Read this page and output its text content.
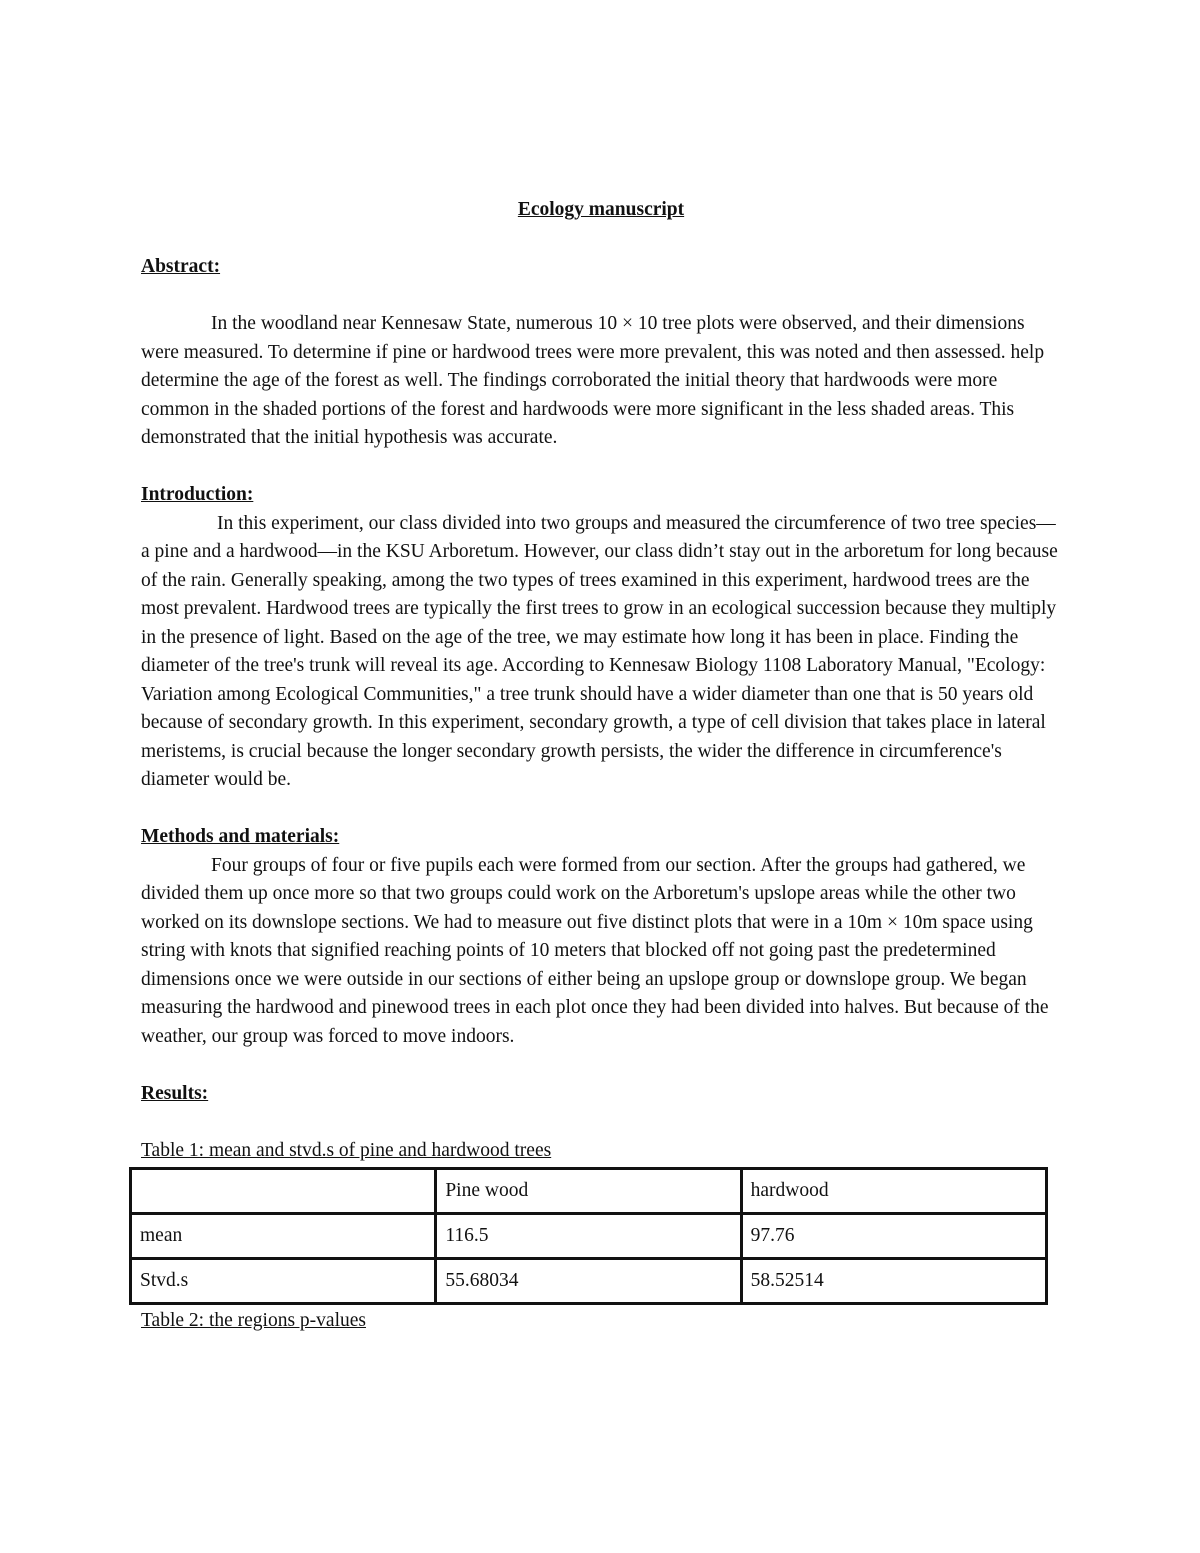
Ecology manuscript

Abstract:

In the woodland near Kennesaw State, numerous 10 × 10 tree plots were observed, and their dimensions were measured. To determine if pine or hardwood trees were more prevalent, this was noted and then assessed. help determine the age of the forest as well. The findings corroborated the initial theory that hardwoods were more common in the shaded portions of the forest and hardwoods were more significant in the less shaded areas. This demonstrated that the initial hypothesis was accurate.

Introduction:

In this experiment, our class divided into two groups and measured the circumference of two tree species—a pine and a hardwood—in the KSU Arboretum. However, our class didn’t stay out in the arboretum for long because of the rain. Generally speaking, among the two types of trees examined in this experiment, hardwood trees are the most prevalent. Hardwood trees are typically the first trees to grow in an ecological succession because they multiply in the presence of light. Based on the age of the tree, we may estimate how long it has been in place. Finding the diameter of the tree's trunk will reveal its age. According to Kennesaw Biology 1108 Laboratory Manual, "Ecology: Variation among Ecological Communities," a tree trunk should have a wider diameter than one that is 50 years old because of secondary growth. In this experiment, secondary growth, a type of cell division that takes place in lateral meristems, is crucial because the longer secondary growth persists, the wider the difference in circumference's diameter would be.

Methods and materials:

Four groups of four or five pupils each were formed from our section. After the groups had gathered, we divided them up once more so that two groups could work on the Arboretum's upslope areas while the other two worked on its downslope sections. We had to measure out five distinct plots that were in a 10m × 10m space using string with knots that signified reaching points of 10 meters that blocked off not going past the predetermined dimensions once we were outside in our sections of either being an upslope group or downslope group. We began measuring the hardwood and pinewood trees in each plot once they had been divided into halves. But because of the weather, our group was forced to move indoors.

Results:

Table 1: mean and stvd.s of pine and hardwood trees

	Pine wood	hardwood
mean	116.5	97.76
Stvd.s	55.68034	58.52514

Table 2: the regions p-values
